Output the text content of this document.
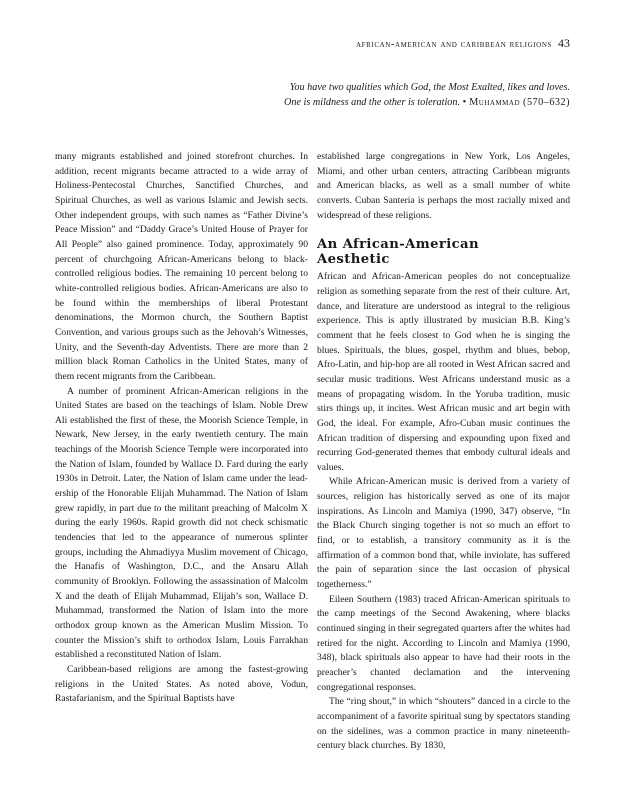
african-american and caribbean religions 43
You have two qualities which God, the Most Exalted, likes and loves.
One is mildness and the other is toleration. • Muhammad (570–632)

many migrants established and joined storefront churches. In addition, recent migrants became attracted to a wide array of Holiness-Pentecostal Churches, Sanctified Churches, and Spiritual Churches, as well as various Islamic and Jewish sects. Other independent groups, with such names as “Father Divine’s Peace Mission” and “Daddy Grace’s United House of Prayer for All People” also gained prominence. Today, approximately 90 percent of churchgoing African-Americans belong to black-controlled religious bodies. The remaining 10 percent belong to white-controlled religious bodies. African-Americans are also to be found within the memberships of liberal Protestant denominations, the Mormon church, the Southern Baptist Convention, and various groups such as the Jehovah’s Witnesses, Unity, and the Seventh-day Adventists. There are more than 2 million black Roman Catholics in the United States, many of them recent migrants from the Caribbean.

A number of prominent African-American religions in the United States are based on the teachings of Islam. Noble Drew Ali established the first of these, the Moorish Science Temple, in Newark, New Jersey, in the early twentieth century. The main teachings of the Moorish Science Temple were incorporated into the Nation of Islam, founded by Wallace D. Fard during the early 1930s in Detroit. Later, the Nation of Islam came under the leadership of the Honorable Elijah Muhammad. The Nation of Islam grew rapidly, in part due to the militant preaching of Malcolm X during the early 1960s. Rapid growth did not check schismatic tendencies that led to the appearance of numerous splinter groups, including the Ahmadiyya Muslim movement of Chicago, the Hanafis of Washington, D.C., and the Ansaru Allah community of Brooklyn. Following the assassination of Malcolm X and the death of Elijah Muhammad, Elijah’s son, Wallace D. Muhammad, transformed the Nation of Islam into the more orthodox group known as the American Muslim Mission. To counter the Mission’s shift to orthodox Islam, Louis Farrakhan established a reconstituted Nation of Islam.

Caribbean-based religions are among the fastest-growing religions in the United States. As noted above, Vodun, Rastafarianism, and the Spiritual Baptists have

established large congregations in New York, Los Angeles, Miami, and other urban centers, attracting Caribbean migrants and American blacks, as well as a small number of white converts. Cuban Santeria is perhaps the most racially mixed and widespread of these religions.

An African-American
Aesthetic

African and African-American peoples do not conceptualize religion as something separate from the rest of their culture. Art, dance, and literature are understood as integral to the religious experience. This is aptly illustrated by musician B.B. King’s comment that he feels closest to God when he is singing the blues. Spirituals, the blues, gospel, rhythm and blues, bebop, Afro-Latin, and hip-hop are all rooted in West African sacred and secular music traditions. West Africans understand music as a means of propagating wisdom. In the Yoruba tradition, music stirs things up, it incites. West African music and art begin with God, the ideal. For example, Afro-Cuban music continues the African tradition of dispersing and expounding upon fixed and recurring God-generated themes that embody cultural ideals and values.

While African-American music is derived from a variety of sources, religion has historically served as one of its major inspirations. As Lincoln and Mamiya (1990, 347) observe, “In the Black Church singing together is not so much an effort to find, or to establish, a transitory community as it is the affirmation of a common bond that, while inviolate, has suffered the pain of separation since the last occasion of physical togetherness.”

Eileen Southern (1983) traced African-American spirituals to the camp meetings of the Second Awakening, where blacks continued singing in their segregated quarters after the whites had retired for the night. According to Lincoln and Mamiya (1990, 348), black spirituals also appear to have had their roots in the preacher’s chanted declamation and the intervening congregational responses.

The “ring shout,” in which “shouters” danced in a circle to the accompaniment of a favorite spiritual sung by spectators standing on the sidelines, was a common practice in many nineteenth-century black churches. By 1830,
